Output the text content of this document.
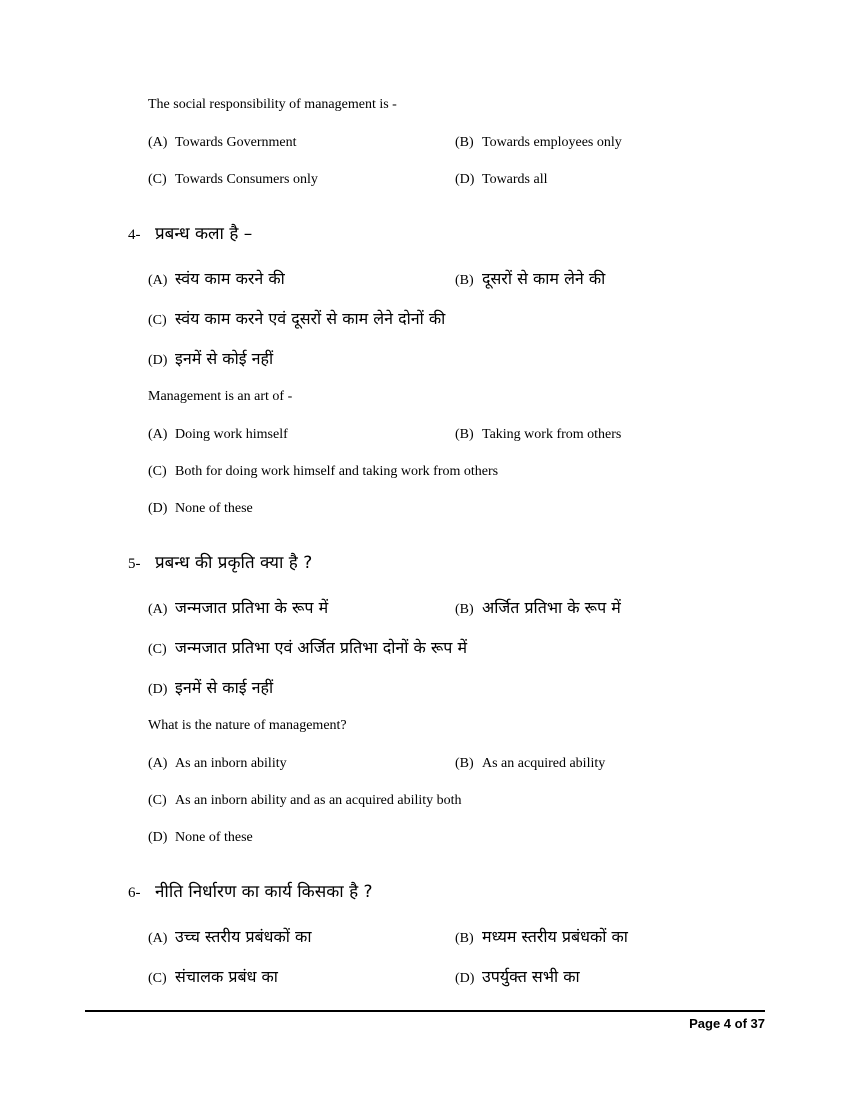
The social responsibility of management is -

(A) Towards Government	(B) Towards employees only
(C) Towards Consumers only	(D) Towards all
4- प्रबन्ध कला है –
(A) स्वंय काम करने की	(B) दूसरों से काम लेने की
(C) स्वंय काम करने एवं दूसरों से काम लेने दोनों की
(D) इनमें से कोई नहीं

Management is an art of -

(A) Doing work himself	(B) Taking work from others
(C) Both for doing work himself and taking work from others
(D) None of these
5- प्रबन्ध की प्रकृति क्या है ?
(A) जन्मजात प्रतिभा के रूप में	(B) अर्जित प्रतिभा के रूप में
(C) जन्मजात प्रतिभा एवं अर्जित प्रतिभा दोनों के रूप में
(D) इनमें से काई नहीं

What is the nature of management?

(A) As an inborn ability	(B) As an acquired ability
(C) As an inborn ability and as an acquired ability both
(D) None of these
6- नीति निर्धारण का कार्य किसका है ?
(A) उच्च स्तरीय प्रबंधकों का	(B) मध्यम स्तरीय प्रबंधकों का
(C) संचालक प्रबंध का	(D) उपर्युक्त सभी का
Page 4 of 37
